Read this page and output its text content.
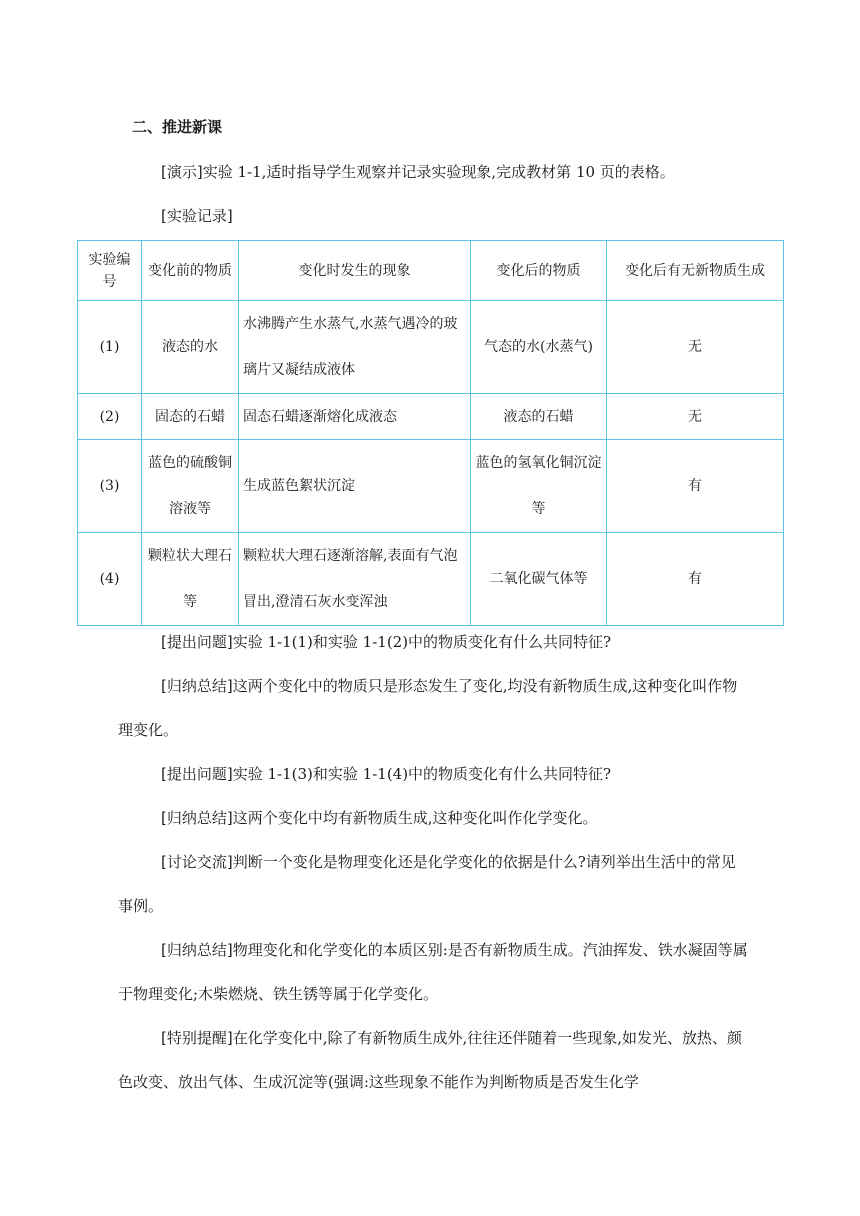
二、推进新课
[演示]实验 1-1,适时指导学生观察并记录实验现象,完成教材第 10 页的表格。
[实验记录]
实验编号	变化前的物质	变化时发生的现象	变化后的物质	变化后有无新物质生成
(1)	液态的水	水沸腾产生水蒸气,水蒸气遇冷的玻璃片又凝结成液体	气态的水(水蒸气)	无
(2)	固态的石蜡	固态石蜡逐渐熔化成液态	液态的石蜡	无
(3)	蓝色的硫酸铜溶液等	生成蓝色絮状沉淀	蓝色的氢氧化铜沉淀等	有
(4)	颗粒状大理石等	颗粒状大理石逐渐溶解,表面有气泡冒出,澄清石灰水变浑浊	二氧化碳气体等	有
[提出问题]实验 1-1(1)和实验 1-1(2)中的物质变化有什么共同特征?
[归纳总结]这两个变化中的物质只是形态发生了变化,均没有新物质生成,这种变化叫作物理变化。
[提出问题]实验 1-1(3)和实验 1-1(4)中的物质变化有什么共同特征?
[归纳总结]这两个变化中均有新物质生成,这种变化叫作化学变化。
[讨论交流]判断一个变化是物理变化还是化学变化的依据是什么?请列举出生活中的常见事例。
[归纳总结]物理变化和化学变化的本质区别:是否有新物质生成。汽油挥发、铁水凝固等属于物理变化;木柴燃烧、铁生锈等属于化学变化。
[特别提醒]在化学变化中,除了有新物质生成外,往往还伴随着一些现象,如发光、放热、颜色改变、放出气体、生成沉淀等(强调:这些现象不能作为判断物质是否发生化学
